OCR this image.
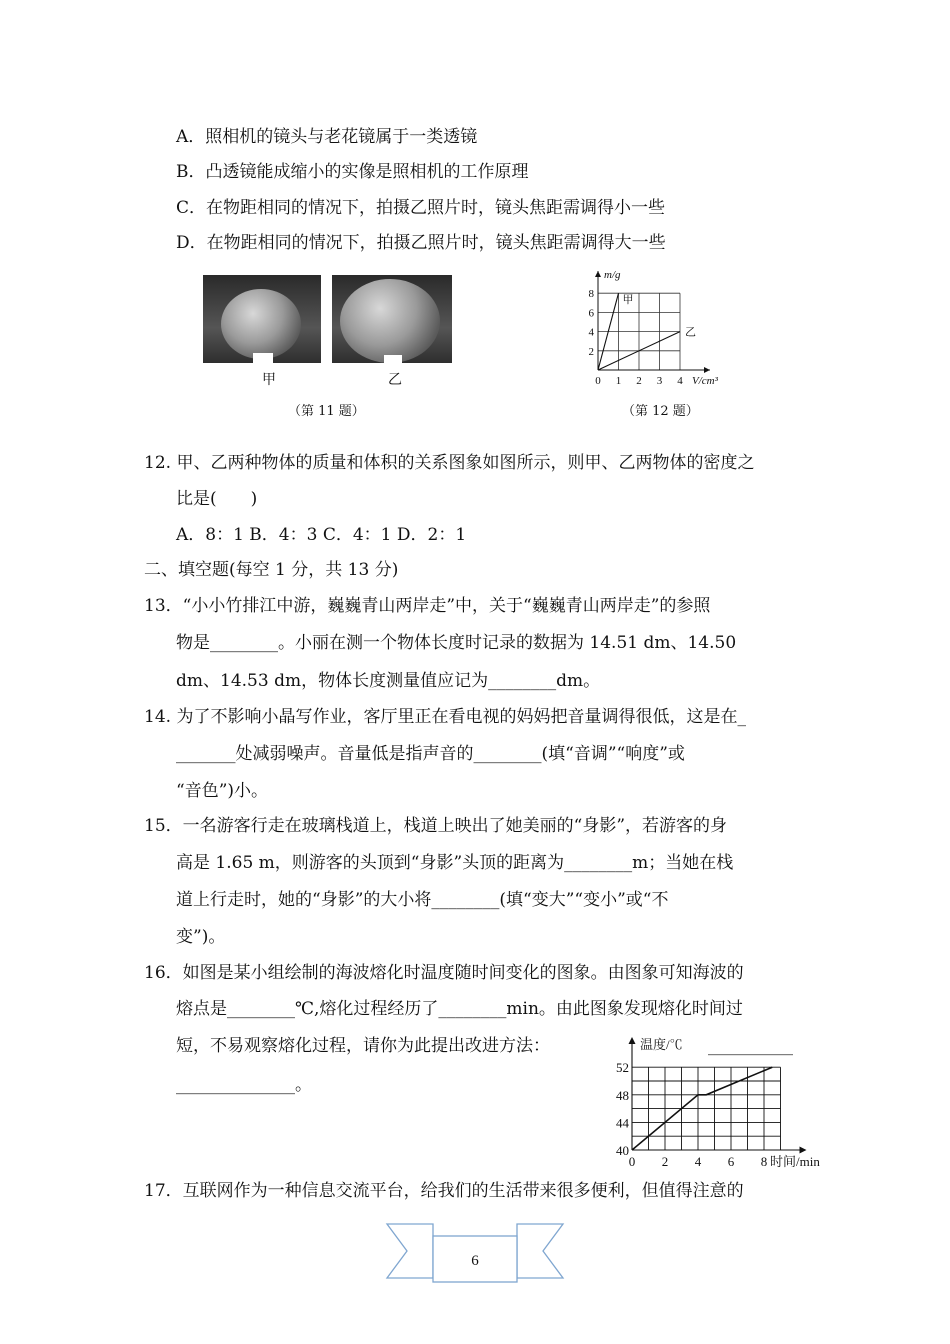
A．照相机的镜头与老花镜属于一类透镜
B．凸透镜能成缩小的实像是照相机的工作原理
C．在物距相同的情况下，拍摄乙照片时，镜头焦距需调得小一些
D．在物距相同的情况下，拍摄乙照片时，镜头焦距需调得大一些
甲	乙
（第 11 题）
2
4
6
8
0 1 2 3 4
甲
乙
m/g
V/cm³
（第 12 题）
12. 甲、乙两种物体的质量和体积的关系图象如图所示，则甲、乙两物体的密度之
比是(　　)
A．8：1 B．4：3 C．4：1 D．2：1
二、填空题(每空 1 分，共 13 分)
13．“小小竹排江中游，巍巍青山两岸走”中，关于“巍巍青山两岸走”的参照
物是________。小丽在测一个物体长度时记录的数据为 14.51 dm、14.50
dm、14.53 dm，物体长度测量值应记为________dm。
14. 为了不影响小晶写作业，客厅里正在看电视的妈妈把音量调得很低，这是在_
_______处减弱噪声。音量低是指声音的________(填“音调”“响度”或
“音色”)小。
15．一名游客行走在玻璃栈道上，栈道上映出了她美丽的“身影”，若游客的身
高是 1.65 m，则游客的头顶到“身影”头顶的距离为________m；当她在栈
道上行走时，她的“身影”的大小将________(填“变大”“变小”或“不
变”)。
16．如图是某小组绘制的海波熔化时温度随时间变化的图象。由图象可知海波的
熔点是________℃,熔化过程经历了________min。由此图象发现熔化时间过
短，不易观察熔化过程，请你为此提出改进方法：	__________
______________。
40
44
48
52
0 2 4 6 8
温度/℃
时间/min
17．互联网作为一种信息交流平台，给我们的生活带来很多便利，但值得注意的
6
